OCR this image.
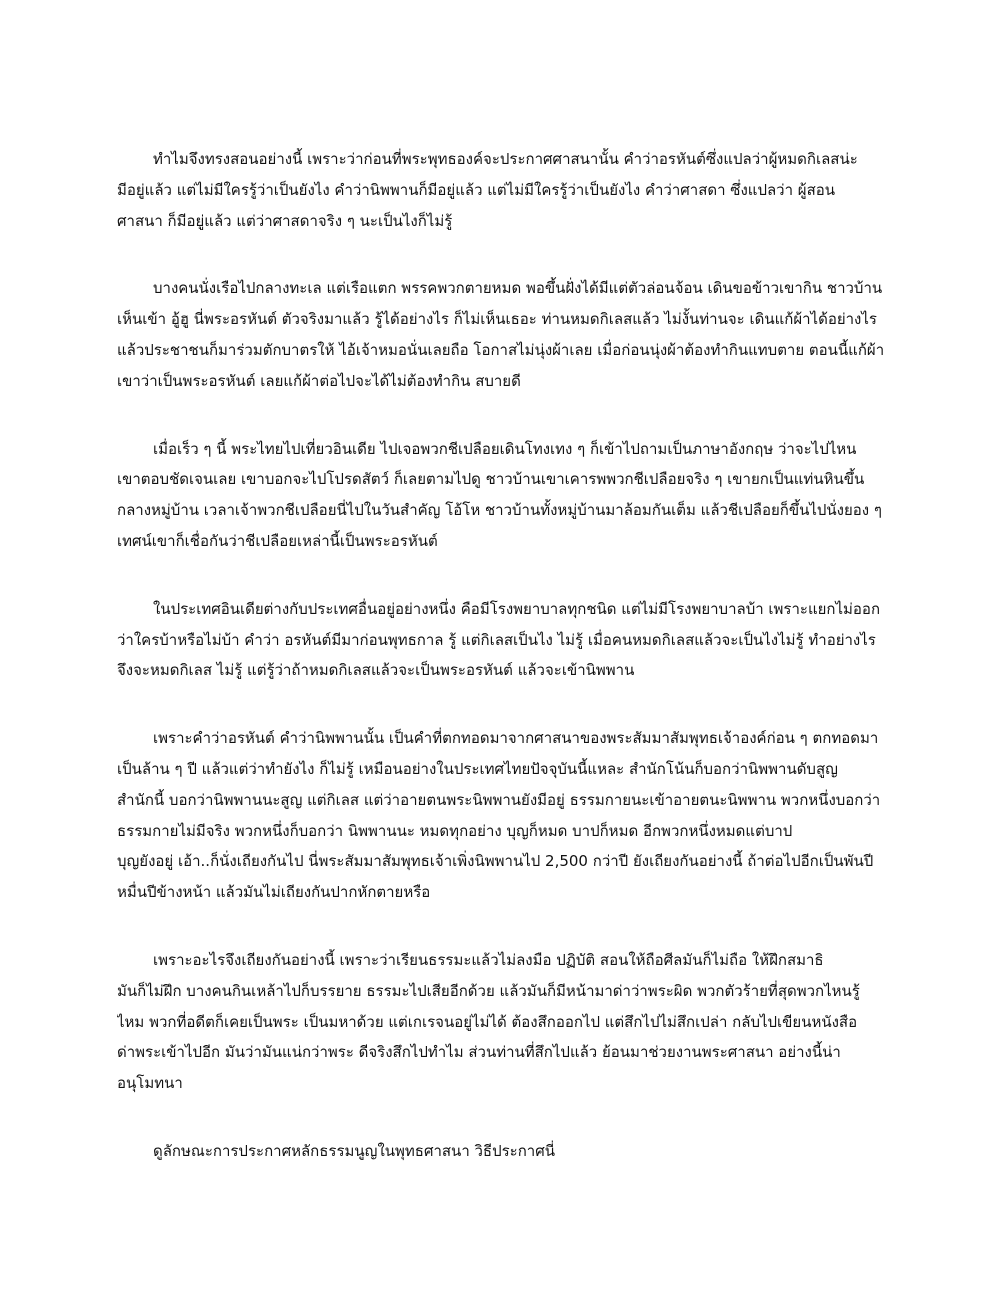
ทำไมจึงทรงสอนอย่างนี้ เพราะว่าก่อนที่พระพุทธองค์จะประกาศศาสนานั้น คำว่าอรหันต์ซึ่งแปลว่าผู้หมดกิเลสน่ะ
มีอยู่แล้ว แต่ไม่มีใครรู้ว่าเป็นยังไง คำว่านิพพานก็มีอยู่แล้ว แต่ไม่มีใครรู้ว่าเป็นยังไง คำว่าศาสดา ซึ่งแปลว่า ผู้สอน
ศาสนา ก็มีอยู่แล้ว แต่ว่าศาสดาจริง ๆ นะเป็นไงก็ไม่รู้
บางคนนั่งเรือไปกลางทะเล แต่เรือแตก พรรคพวกตายหมด พอขึ้นฝั่งได้มีแต่ตัวล่อนจ้อน เดินขอข้าวเขากิน ชาวบ้าน
เห็นเข้า อู้ฮู นี่พระอรหันต์ ตัวจริงมาแล้ว รู้ได้อย่างไร ก็ไม่เห็นเธอะ ท่านหมดกิเลสแล้ว ไม่งั้นท่านจะ เดินแก้ผ้าได้อย่างไร
แล้วประชาชนก็มาร่วมตักบาตรให้ ไอ้เจ้าหมอนั่นเลยถือ โอกาสไม่นุ่งผ้าเลย เมื่อก่อนนุ่งผ้าต้องทำกินแทบตาย ตอนนี้แก้ผ้า
เขาว่าเป็นพระอรหันต์ เลยแก้ผ้าต่อไปจะได้ไม่ต้องทำกิน สบายดี
เมื่อเร็ว ๆ นี้ พระไทยไปเที่ยวอินเดีย ไปเจอพวกชีเปลือยเดินโทงเทง ๆ ก็เข้าไปถามเป็นภาษาอังกฤษ ว่าจะไปไหน
เขาตอบชัดเจนเลย เขาบอกจะไปโปรดสัตว์ ก็เลยตามไปดู ชาวบ้านเขาเคารพพวกชีเปลือยจริง ๆ เขายกเป็นแท่นหินขึ้น
กลางหมู่บ้าน เวลาเจ้าพวกชีเปลือยนี่ไปในวันสำคัญ โอ้โห ชาวบ้านทั้งหมู่บ้านมาล้อมกันเต็ม แล้วชีเปลือยก็ขึ้นไปนั่งยอง ๆ
เทศน์เขาก็เชื่อกันว่าชีเปลือยเหล่านี้เป็นพระอรหันต์
ในประเทศอินเดียต่างกับประเทศอื่นอยู่อย่างหนึ่ง คือมีโรงพยาบาลทุกชนิด แต่ไม่มีโรงพยาบาลบ้า เพราะแยกไม่ออก
ว่าใครบ้าหรือไม่บ้า คำว่า อรหันต์มีมาก่อนพุทธกาล รู้ แต่กิเลสเป็นไง ไม่รู้ เมื่อคนหมดกิเลสแล้วจะเป็นไงไม่รู้ ทำอย่างไร
จึงจะหมดกิเลส ไม่รู้ แต่รู้ว่าถ้าหมดกิเลสแล้วจะเป็นพระอรหันต์ แล้วจะเข้านิพพาน
เพราะคำว่าอรหันต์ คำว่านิพพานนั้น เป็นคำที่ตกทอดมาจากศาสนาของพระสัมมาสัมพุทธเจ้าองค์ก่อน ๆ ตกทอดมา
เป็นล้าน ๆ ปี แล้วแต่ว่าทำยังไง ก็ไม่รู้ เหมือนอย่างในประเทศไทยปัจจุบันนี้แหละ สำนักโน้นก็บอกว่านิพพานดับสูญ
สำนักนี้ บอกว่านิพพานนะสูญ แต่กิเลส แต่ว่าอายตนพระนิพพานยังมีอยู่ ธรรมกายนะเข้าอายตนะนิพพาน พวกหนึ่งบอกว่า
ธรรมกายไม่มีจริง พวกหนึ่งก็บอกว่า นิพพานนะ หมดทุกอย่าง บุญก็หมด บาปก็หมด อีกพวกหนึ่งหมดแต่บาป
บุญยังอยู่ เอ้า..ก็นั่งเถียงกันไป นี่พระสัมมาสัมพุทธเจ้าเพิ่งนิพพานไป 2,500 กว่าปี ยังเถียงกันอย่างนี้ ถ้าต่อไปอีกเป็นพันปี
หมื่นปีข้างหน้า แล้วมันไม่เถียงกันปากหักตายหรือ
เพราะอะไรจึงเถียงกันอย่างนี้ เพราะว่าเรียนธรรมะแล้วไม่ลงมือ ปฏิบัติ สอนให้ถือศีลมันก็ไม่ถือ ให้ฝึกสมาธิ
มันก็ไม่ฝึก บางคนกินเหล้าไปก็บรรยาย ธรรมะไปเสียอีกด้วย แล้วมันก็มีหน้ามาด่าว่าพระผิด พวกตัวร้ายที่สุดพวกไหนรู้
ไหม พวกที่อดีตก็เคยเป็นพระ เป็นมหาด้วย แต่เกเรจนอยู่ไม่ได้ ต้องสึกออกไป แต่สึกไปไม่สึกเปล่า กลับไปเขียนหนังสือ
ด่าพระเข้าไปอีก มันว่ามันแน่กว่าพระ ดีจริงสึกไปทำไม ส่วนท่านที่สึกไปแล้ว ย้อนมาช่วยงานพระศาสนา อย่างนี้น่า
อนุโมทนา
ดูลักษณะการประกาศหลักธรรมนูญในพุทธศาสนา วิธีประกาศนี่
